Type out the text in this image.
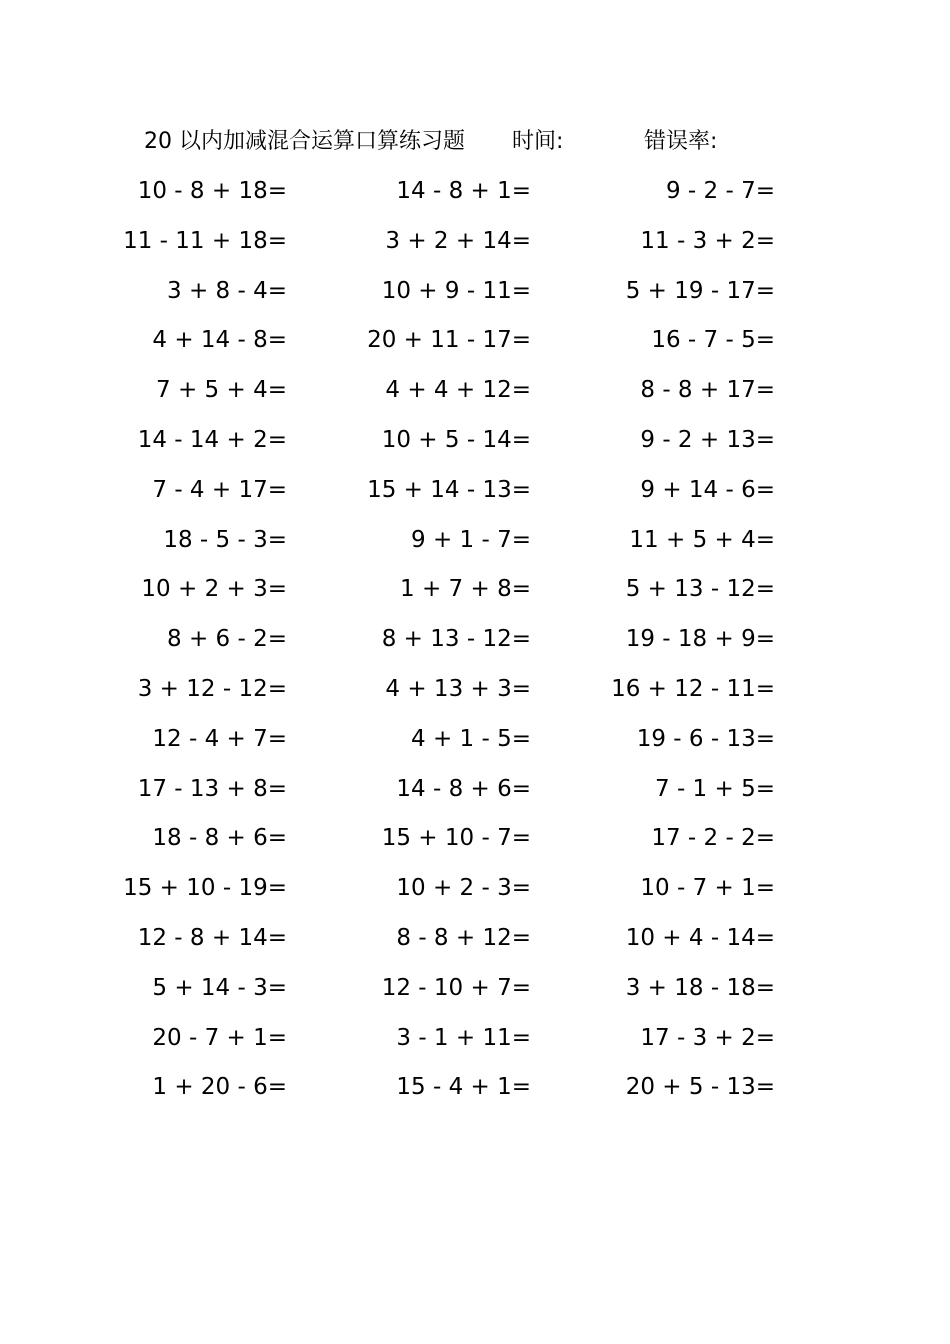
20 以内加减混合运算口算练习题 时间:	错误率:
10 - 8 + 18=	14 - 8 + 1=	9 - 2 - 7=
11 - 11 + 18=	3 + 2 + 14=	11 - 3 + 2=
3 + 8 - 4=	10 + 9 - 11=	5 + 19 - 17=
4 + 14 - 8=	20 + 11 - 17=	16 - 7 - 5=
7 + 5 + 4=	4 + 4 + 12=	8 - 8 + 17=
14 - 14 + 2=	10 + 5 - 14=	9 - 2 + 13=
7 - 4 + 17=	15 + 14 - 13=	9 + 14 - 6=
18 - 5 - 3=	9 + 1 - 7=	11 + 5 + 4=
10 + 2 + 3=	1 + 7 + 8=	5 + 13 - 12=
8 + 6 - 2=	8 + 13 - 12=	19 - 18 + 9=
3 + 12 - 12=	4 + 13 + 3=	16 + 12 - 11=
12 - 4 + 7=	4 + 1 - 5=	19 - 6 - 13=
17 - 13 + 8=	14 - 8 + 6=	7 - 1 + 5=
18 - 8 + 6=	15 + 10 - 7=	17 - 2 - 2=
15 + 10 - 19=	10 + 2 - 3=	10 - 7 + 1=
12 - 8 + 14=	8 - 8 + 12=	10 + 4 - 14=
5 + 14 - 3=	12 - 10 + 7=	3 + 18 - 18=
20 - 7 + 1=	3 - 1 + 11=	17 - 3 + 2=
1 + 20 - 6=	15 - 4 + 1=	20 + 5 - 13=
